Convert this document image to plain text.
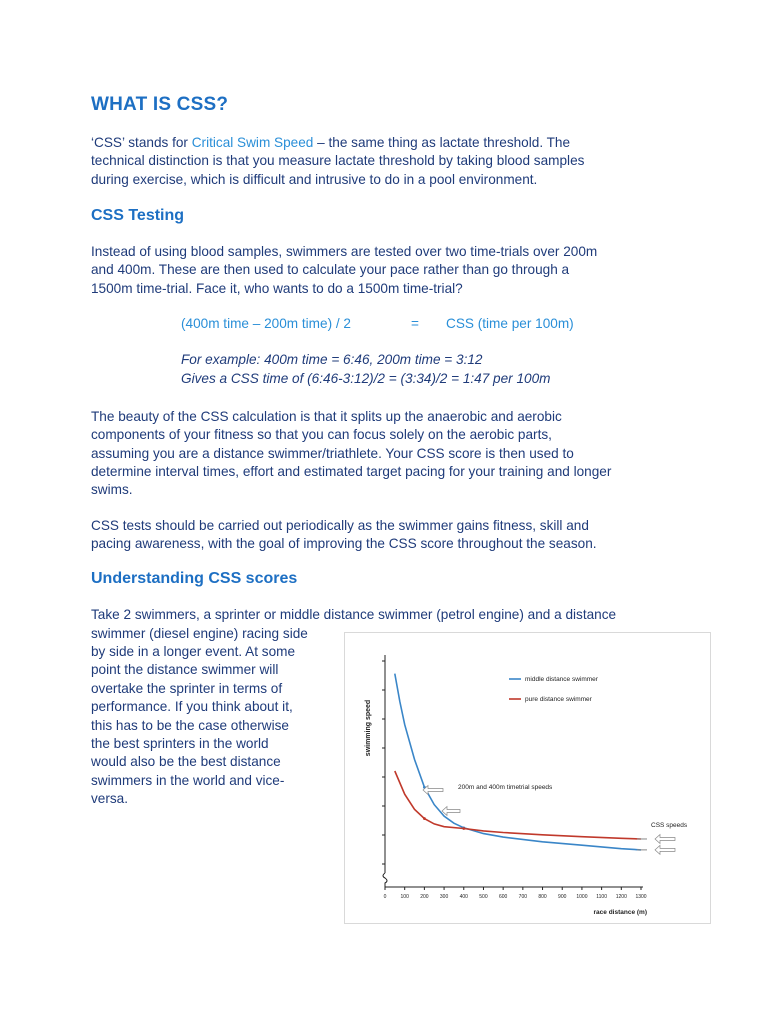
WHAT IS CSS?

‘CSS’ stands for Critical Swim Speed – the same thing as lactate threshold. The
technical distinction is that you measure lactate threshold by taking blood samples
during exercise, which is difficult and intrusive to do in a pool environment.

CSS Testing

Instead of using blood samples, swimmers are tested over two time-trials over 200m
and 400m. These are then used to calculate your pace rather than go through a
1500m time-trial. Face it, who wants to do a 1500m time-trial?

(400m time – 200m time) / 2	= CSS (time per 100m)
For example: 400m time = 6:46, 200m time = 3:12
Gives a CSS time of (6:46-3:12)/2 = (3:34)/2 = 1:47 per 100m

The beauty of the CSS calculation is that it splits up the anaerobic and aerobic
components of your fitness so that you can focus solely on the aerobic parts,
assuming you are a distance swimmer/triathlete. Your CSS score is then used to
determine interval times, effort and estimated target pacing for your training and longer
swims.

CSS tests should be carried out periodically as the swimmer gains fitness, skill and
pacing awareness, with the goal of improving the CSS score throughout the season.

Understanding CSS scores
Take 2 swimmers, a sprinter or middle distance swimmer (petrol engine) and a distance
swimmer (diesel engine) racing side
by side in a longer event. At some
point the distance swimmer will
overtake the sprinter in terms of
performance. If you think about it,
this has to be the case otherwise
the best sprinters in the world
would also be the best distance
swimmers in the world and vice-
versa.
0	100 200 300 400 500 600 700 800 900 1000 1100 1200 1300
middle distance swimmer
pure distance swimmer
200m and 400m timetrial speeds
CSS speeds
swimming speed
race distance (m)
